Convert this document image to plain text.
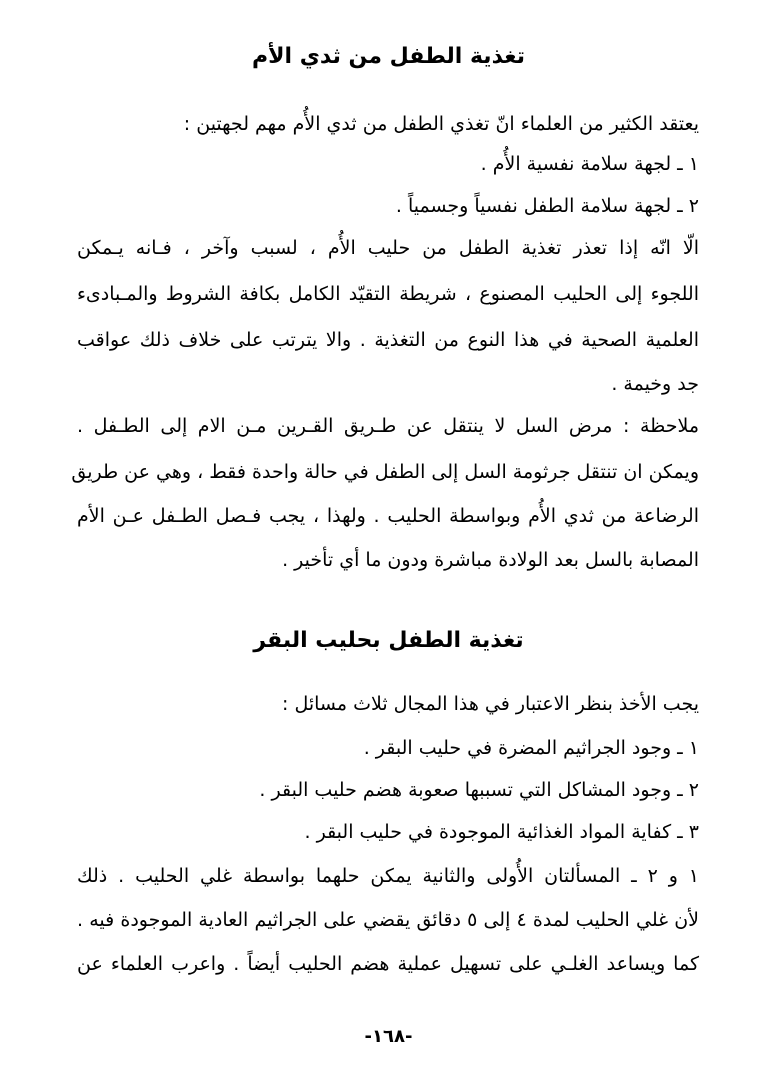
تغذية الطفل من ثدي الأم
يعتقد الكثير من العلماء انّ تغذي الطفل من ثدي الأُم مهم لجهتين :
١ ـ لجهة سلامة نفسية الأُم .
٢ ـ لجهة سلامة الطفل نفسياً وجسمياً .
الّا انّه إذا تعذر تغذية الطفل من حليب الأُم ، لسبب وآخر ، فـانه يـمكن
اللجوء إلى الحليب المصنوع ، شريطة التقيّد الكامل بكافة الشروط والمـبادىء
العلمية الصحية في هذا النوع من التغذية . والا يترتب على خلاف ذلك عواقب
جد وخيمة .
ملاحظة : مرض السل لا ينتقل عن طـريق القـرين مـن الام إلى الطـفل .
ويمكن ان تنتقل جرثومة السل إلى الطفل في حالة واحدة فقط ، وهي عن طريق
الرضاعة من ثدي الأُم وبواسطة الحليب . ولهذا ، يجب فـصل الطـفل عـن الأم
المصابة بالسل بعد الولادة مباشرة ودون ما أي تأخير .
تغذية الطفل بحليب البقر
يجب الأخذ بنظر الاعتبار في هذا المجال ثلاث مسائل :
١ ـ وجود الجراثيم المضرة في حليب البقر .
٢ ـ وجود المشاكل التي تسببها صعوبة هضم حليب البقر .
٣ ـ كفاية المواد الغذائية الموجودة في حليب البقر .
١ و ٢ ـ المسألتان الأُولى والثانية يمكن حلهما بواسطة غلي الحليب . ذلك
لأن غلي الحليب لمدة ٤ إلى ٥ دقائق يقضي على الجراثيم العادية الموجودة فيه .
كما ويساعد الغلـي على تسهيل عملية هضم الحليب أيضاً . واعرب العلماء عن
-١٦٨-
